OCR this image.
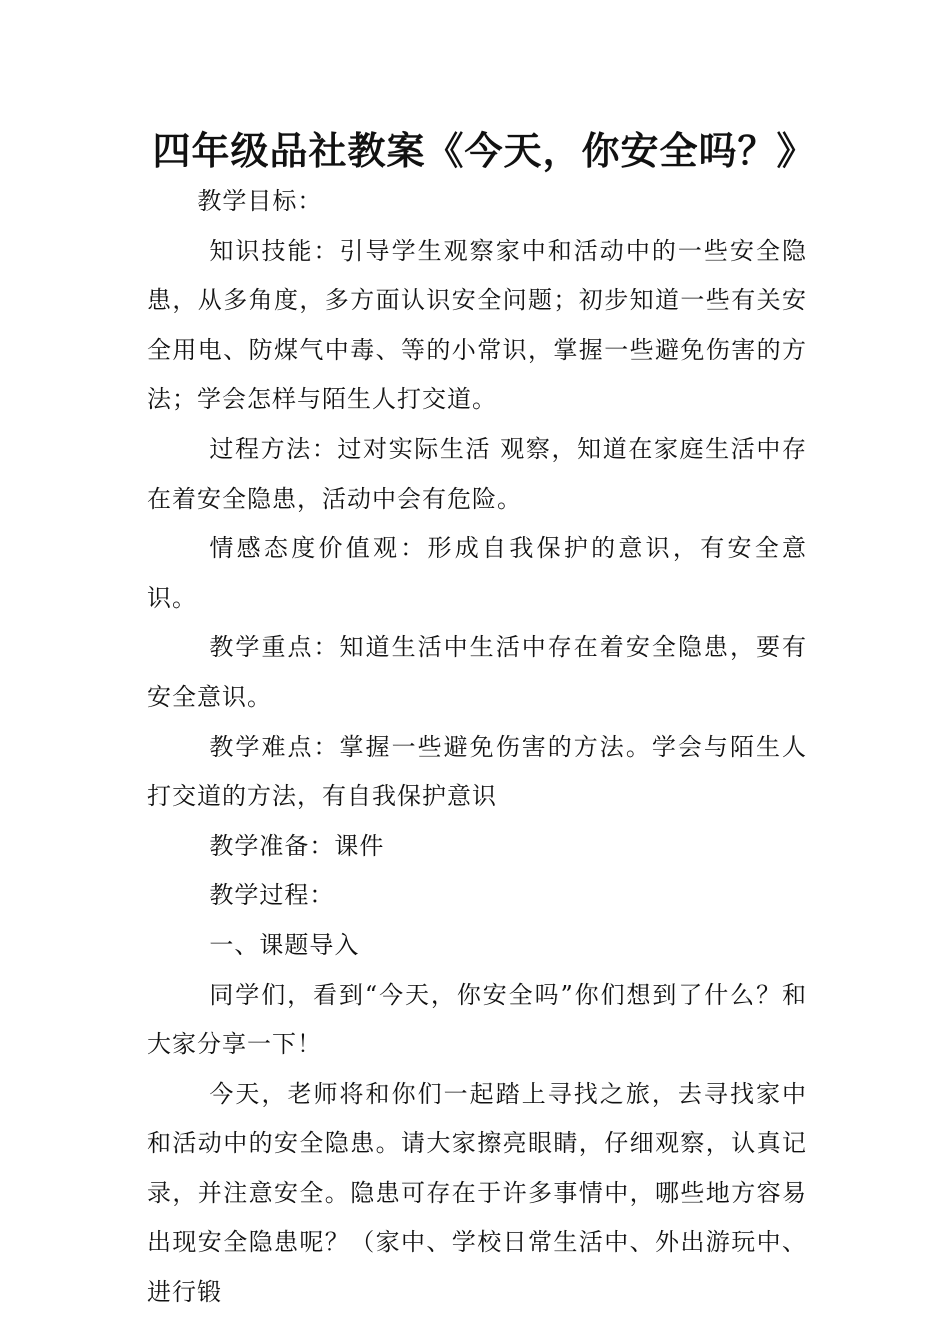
四年级品社教案《今天，你安全吗？》

教学目标：

知识技能：引导学生观察家中和活动中的一些安全隐患，从多角度，多方面认识安全问题；初步知道一些有关安全用电、防煤气中毒、等的小常识，掌握一些避免伤害的方法；学会怎样与陌生人打交道。

过程方法：过对实际生活 观察，知道在家庭生活中存在着安全隐患，活动中会有危险。

情感态度价值观：形成自我保护的意识，有安全意识。

教学重点：知道生活中生活中存在着安全隐患，要有安全意识。

教学难点：掌握一些避免伤害的方法。学会与陌生人打交道的方法，有自我保护意识

教学准备：课件

教学过程：

一、课题导入

同学们，看到“今天，你安全吗”你们想到了什么？和大家分享一下！

今天，老师将和你们一起踏上寻找之旅，去寻找家中和活动中的安全隐患。请大家擦亮眼睛，仔细观察，认真记录，并注意安全。隐患可存在于许多事情中，哪些地方容易出现安全隐患呢？（家中、学校日常生活中、外出游玩中、进行锻
